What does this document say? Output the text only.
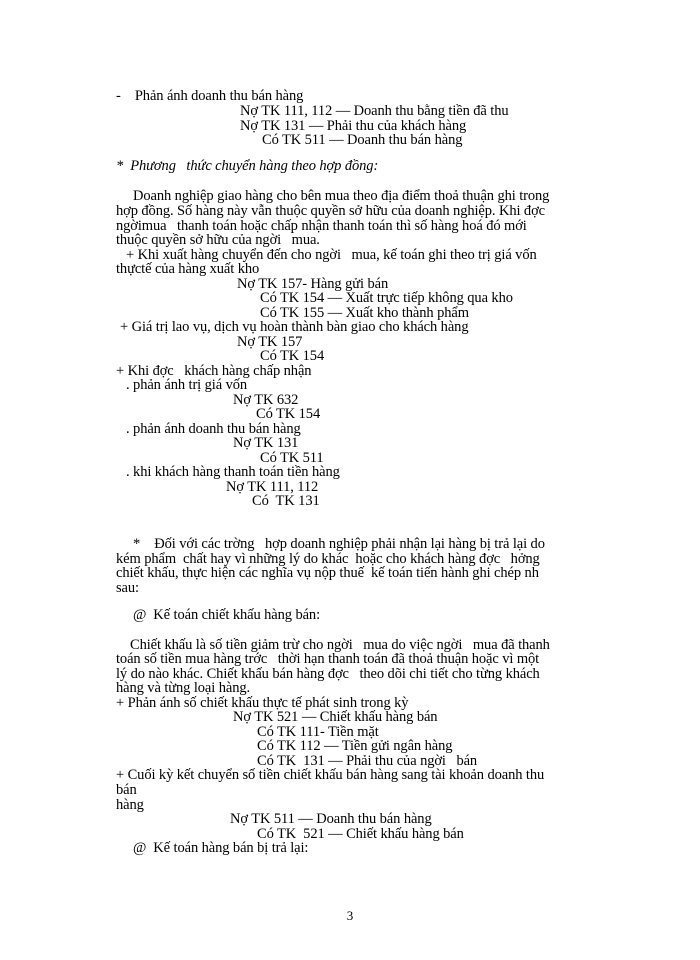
-    Phản ánh doanh thu bán hàng

Nợ TK 111, 112 — Doanh thu bằng tiền đã thu

Nợ TK 131 — Phải thu của khách hàng

Có TK 511 — Doanh thu bán hàng

*  Phương   thức chuyển hàng theo hợp đồng:

Doanh nghiệp giao hàng cho bên mua theo địa điểm thoả thuận ghi trong

hợp đồng. Số hàng này vẫn thuộc quyền sở hữu của doanh nghiệp. Khi đợc

ngờimua   thanh toán hoặc chấp nhận thanh toán thì số hàng hoá đó mới

thuộc quyền sở hữu của ngời   mua.

+ Khi xuất hàng chuyển đến cho ngời   mua, kế toán ghi theo trị giá vốn

thựctế của hàng xuất kho

Nợ TK 157- Hàng gửi bán

Có TK 154 — Xuất trực tiếp không qua kho

Có TK 155 — Xuất kho thành phẩm

+ Giá trị lao vụ, dịch vụ hoàn thành bàn giao cho khách hàng

Nợ TK 157

Có TK 154

+ Khi đợc   khách hàng chấp nhận

. phản ánh trị giá vốn

Nợ TK 632

Có TK 154

. phản ánh doanh thu bán hàng

Nợ TK 131

Có TK 511

. khi khách hàng thanh toán tiền hàng

Nợ TK 111, 112

Có  TK 131

*    Đối với các trờng   hợp doanh nghiệp phải nhận lại hàng bị trả lại do

kém phẩm  chất hay vì những lý do khác  hoặc cho khách hàng đợc   hởng

chiết khấu, thực hiện các nghĩa vụ nộp thuế  kế toán tiến hành ghi chép nh

sau:

@  Kế toán chiết khấu hàng bán:

Chiết khấu là số tiền giảm trừ cho ngời   mua do việc ngời   mua đã thanh

toán số tiền mua hàng trớc   thời hạn thanh toán đã thoả thuận hoặc vì một

lý do nào khác. Chiết khấu bán hàng đợc   theo dõi chi tiết cho từng khách

hàng và từng loại hàng.

+ Phản ánh số chiết khấu thực tế phát sinh trong kỳ

Nợ TK 521 — Chiết khấu hàng bán

Có TK 111- Tiền mặt

Có TK 112 — Tiền gửi ngân hàng

Có TK  131 — Phải thu của ngời   bán

+ Cuối kỳ kết chuyển số tiền chiết khấu bán hàng sang tài khoản doanh thu

bán

hàng

Nợ TK 511 — Doanh thu bán hàng

Có TK  521 — Chiết khấu hàng bán

@  Kế toán hàng bán bị trả lại:

3
